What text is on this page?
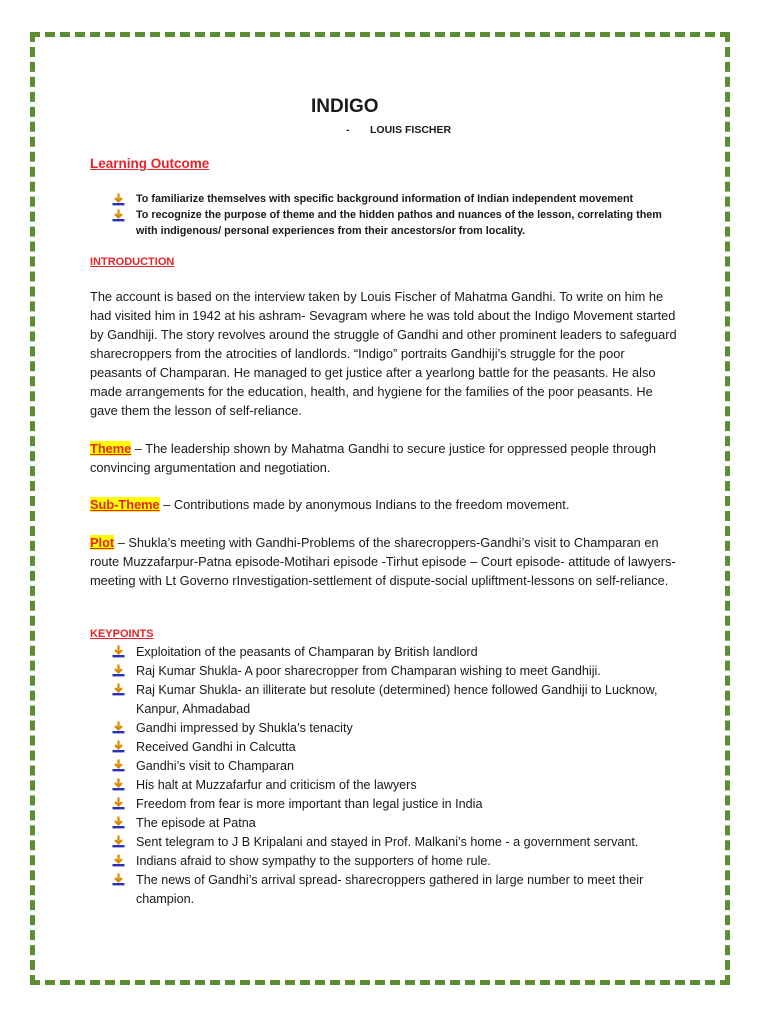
INDIGO
- LOUIS FISCHER
Learning Outcome
To familiarize themselves with specific background information of Indian independent movement
To recognize the purpose of theme and the hidden pathos and nuances of the lesson, correlating them with indigenous/ personal experiences from their ancestors/or from locality.
INTRODUCTION

The account is based on the interview taken by Louis Fischer of Mahatma Gandhi. To write on him he had visited him in 1942 at his ashram- Sevagram where he was told about the Indigo Movement started by Gandhiji. The story revolves around the struggle of Gandhi and other prominent leaders to safeguard sharecroppers from the atrocities of landlords. “Indigo” portraits Gandhiji’s struggle for the poor peasants of Champaran. He managed to get justice after a yearlong battle for the peasants. He also made arrangements for the education, health, and hygiene for the families of the poor peasants. He gave them the lesson of self-reliance.

Theme – The leadership shown by Mahatma Gandhi to secure justice for oppressed people through convincing argumentation and negotiation.

Sub-Theme – Contributions made by anonymous Indians to the freedom movement.

Plot – Shukla’s meeting with Gandhi-Problems of the sharecroppers-Gandhi’s visit to Champaran en route Muzzafarpur-Patna episode-Motihari episode -Tirhut episode – Court episode- attitude of lawyers- meeting with Lt Governo rInvestigation-settlement of dispute-social upliftment-lessons on self-reliance.

KEYPOINTS
Exploitation of the peasants of Champaran by British landlord
Raj Kumar Shukla- A poor sharecropper from Champaran wishing to meet Gandhiji.
Raj Kumar Shukla- an illiterate but resolute (determined) hence followed Gandhiji to Lucknow, Kanpur, Ahmadabad
Gandhi impressed by Shukla’s tenacity
Received Gandhi in Calcutta
Gandhi’s visit to Champaran
His halt at Muzzafarfur and criticism of the lawyers
Freedom from fear is more important than legal justice in India
The episode at Patna
Sent telegram to J B Kripalani and stayed in Prof. Malkani’s home - a government servant.
Indians afraid to show sympathy to the supporters of home rule.
The news of Gandhi’s arrival spread- sharecroppers gathered in large number to meet their champion.
